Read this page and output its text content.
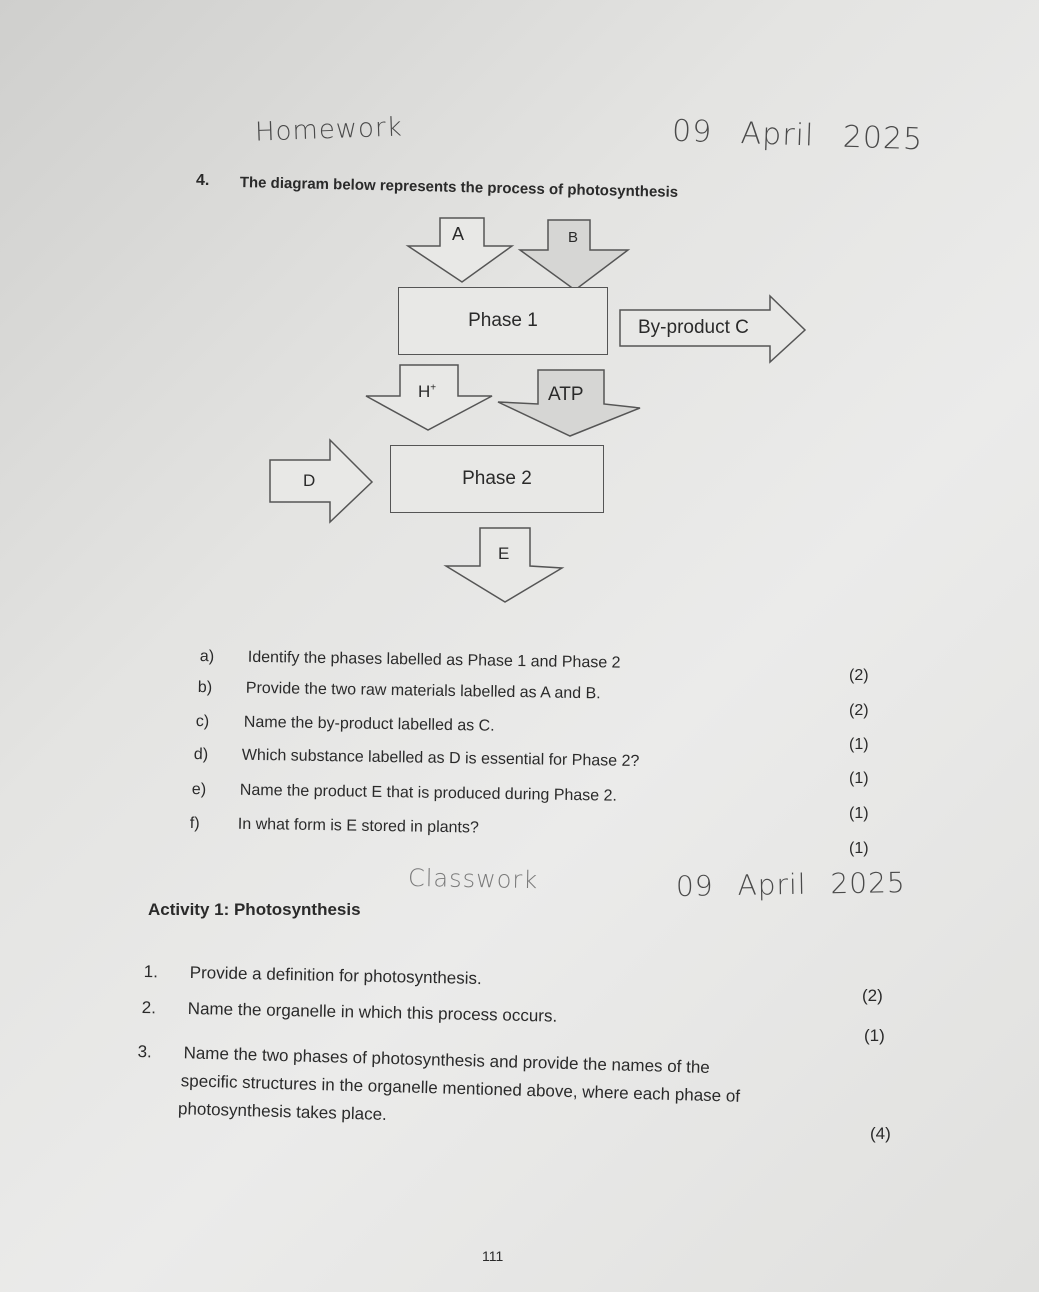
Homework	09 April 2025
4. The diagram below represents the process of photosynthesis
Phase 1
Phase 2
A	B
By-product C
H+	ATP
D
E
a) Identify the phases labelled as Phase 1 and Phase 2
b) Provide the two raw materials labelled as A and B.
c) Name the by-product labelled as C.
d) Which substance labelled as D is essential for Phase 2?
e) Name the product E that is produced during Phase 2.
f) In what form is E stored in plants?
(2)
(2)
(1)
(1)
(1)
(1)
Classwork	09 April 2025
Activity 1: Photosynthesis
1. Provide a definition for photosynthesis.
2. Name the organelle in which this process occurs.
3. Name the two phases of photosynthesis and provide the names of the
specific structures in the organelle mentioned above, where each phase of
photosynthesis takes place.
(2)
(1)
(4)
111
